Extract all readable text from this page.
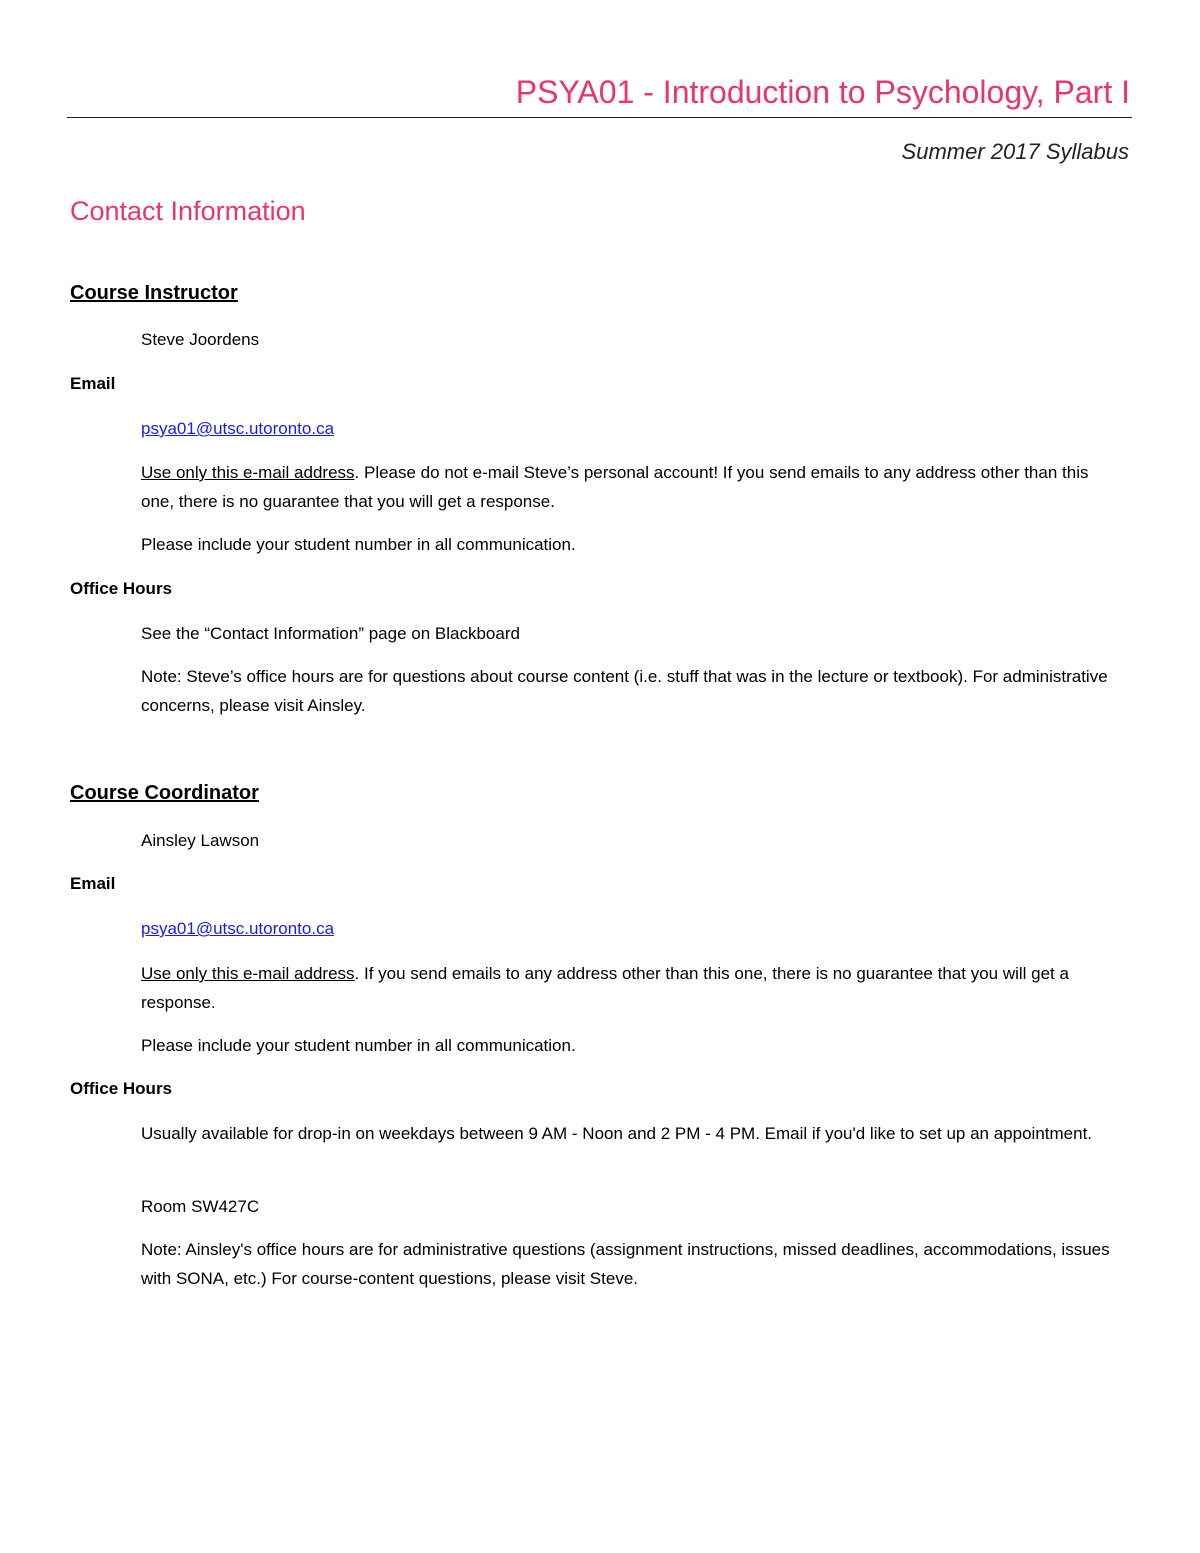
PSYA01 - Introduction to Psychology, Part I

Summer 2017 Syllabus

Contact Information
Course Instructor

Steve Joordens

Email

psya01@utsc.utoronto.ca

Use only this e-mail address. Please do not e-mail Steve’s personal account! If you send emails to any address other than this one, there is no guarantee that you will get a response.

Please include your student number in all communication.

Office Hours

See the “Contact Information” page on Blackboard

Note: Steve’s office hours are for questions about course content (i.e. stuff that was in the lecture or textbook). For administrative concerns, please visit Ainsley.

Course Coordinator

Ainsley Lawson

Email

psya01@utsc.utoronto.ca

Use only this e-mail address. If you send emails to any address other than this one, there is no guarantee that you will get a response.

Please include your student number in all communication.

Office Hours

Usually available for drop-in on weekdays between 9 AM - Noon and 2 PM - 4 PM. Email if you'd like to set up an appointment.

Room SW427C

Note: Ainsley's office hours are for administrative questions (assignment instructions, missed deadlines, accommodations, issues with SONA, etc.) For course-content questions, please visit Steve.
